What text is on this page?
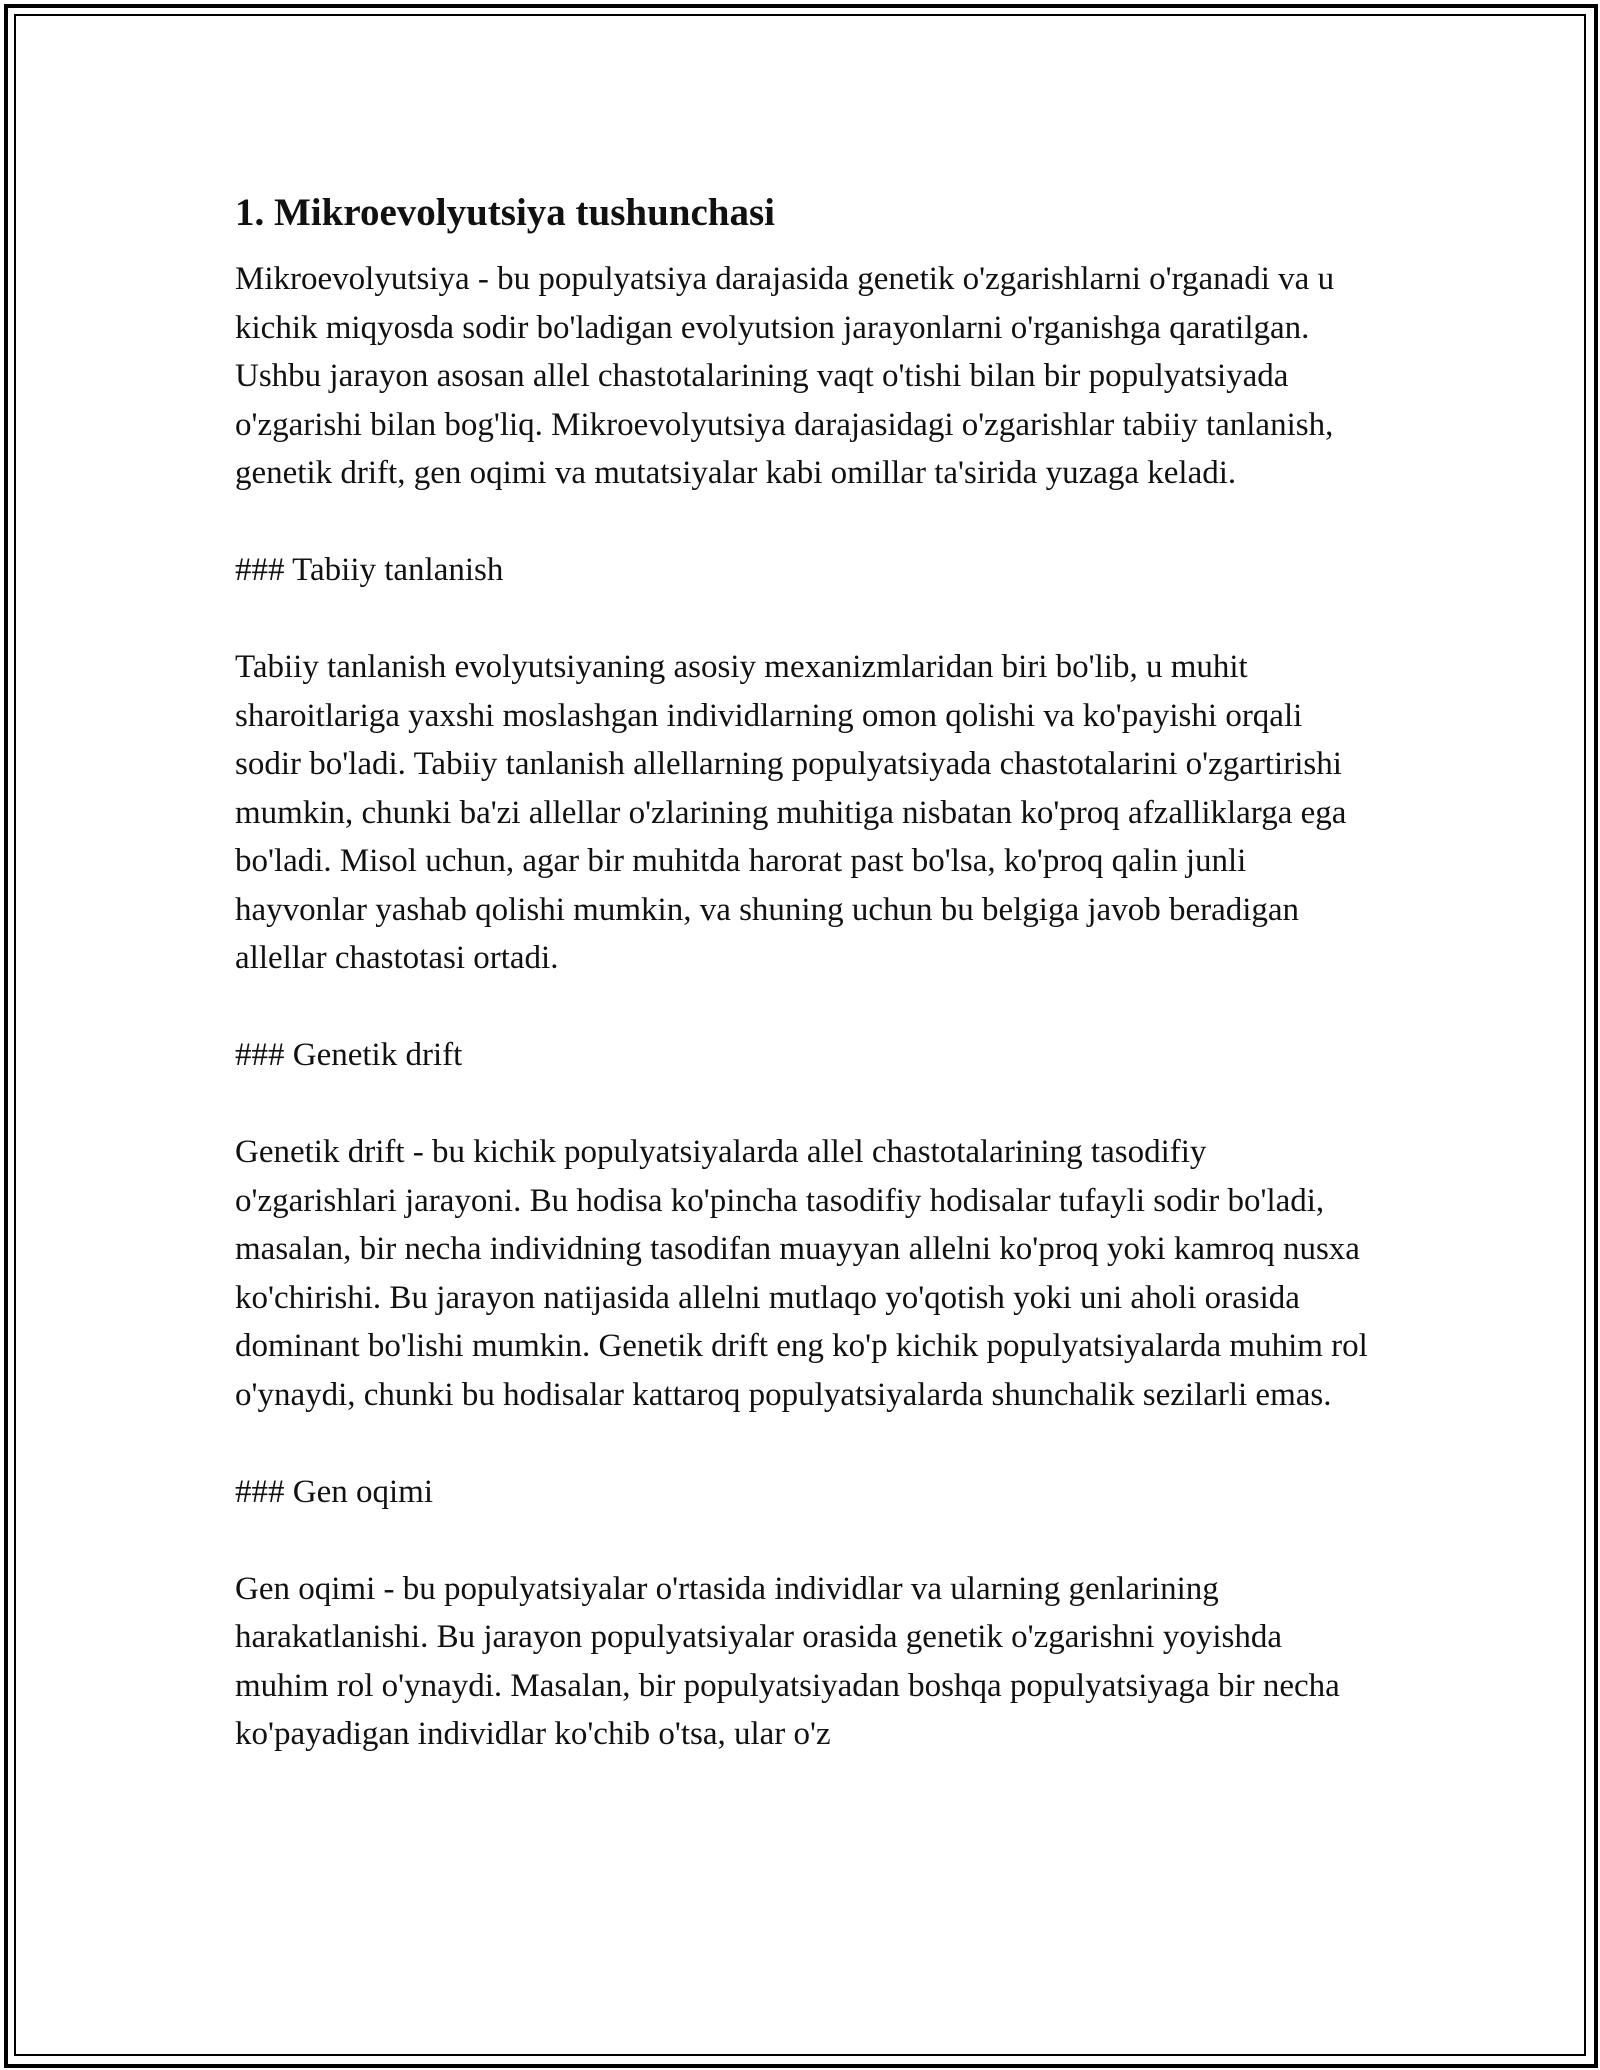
1. Mikroevolyutsiya tushunchasi

Mikroevolyutsiya - bu populyatsiya darajasida genetik o'zgarishlarni o'rganadi va u kichik miqyosda sodir bo'ladigan evolyutsion jarayonlarni o'rganishga qaratilgan. Ushbu jarayon asosan allel chastotalarining vaqt o'tishi bilan bir populyatsiyada o'zgarishi bilan bog'liq. Mikroevolyutsiya darajasidagi o'zgarishlar tabiiy tanlanish, genetik drift, gen oqimi va mutatsiyalar kabi omillar ta'sirida yuzaga keladi.

### Tabiiy tanlanish

Tabiiy tanlanish evolyutsiyaning asosiy mexanizmlaridan biri bo'lib, u muhit sharoitlariga yaxshi moslashgan individlarning omon qolishi va ko'payishi orqali sodir bo'ladi. Tabiiy tanlanish allellarning populyatsiyada chastotalarini o'zgartirishi mumkin, chunki ba'zi allellar o'zlarining muhitiga nisbatan ko'proq afzalliklarga ega bo'ladi. Misol uchun, agar bir muhitda harorat past bo'lsa, ko'proq qalin junli hayvonlar yashab qolishi mumkin, va shuning uchun bu belgiga javob beradigan allellar chastotasi ortadi.

### Genetik drift

Genetik drift - bu kichik populyatsiyalarda allel chastotalarining tasodifiy o'zgarishlari jarayoni. Bu hodisa ko'pincha tasodifiy hodisalar tufayli sodir bo'ladi, masalan, bir necha individning tasodifan muayyan allelni ko'proq yoki kamroq nusxa ko'chirishi. Bu jarayon natijasida allelni mutlaqo yo'qotish yoki uni aholi orasida dominant bo'lishi mumkin. Genetik drift eng ko'p kichik populyatsiyalarda muhim rol o'ynaydi, chunki bu hodisalar kattaroq populyatsiyalarda shunchalik sezilarli emas.

### Gen oqimi

Gen oqimi - bu populyatsiyalar o'rtasida individlar va ularning genlarining harakatlanishi. Bu jarayon populyatsiyalar orasida genetik o'zgarishni yoyishda muhim rol o'ynaydi. Masalan, bir populyatsiyadan boshqa populyatsiyaga bir necha ko'payadigan individlar ko'chib o'tsa, ular o'z
